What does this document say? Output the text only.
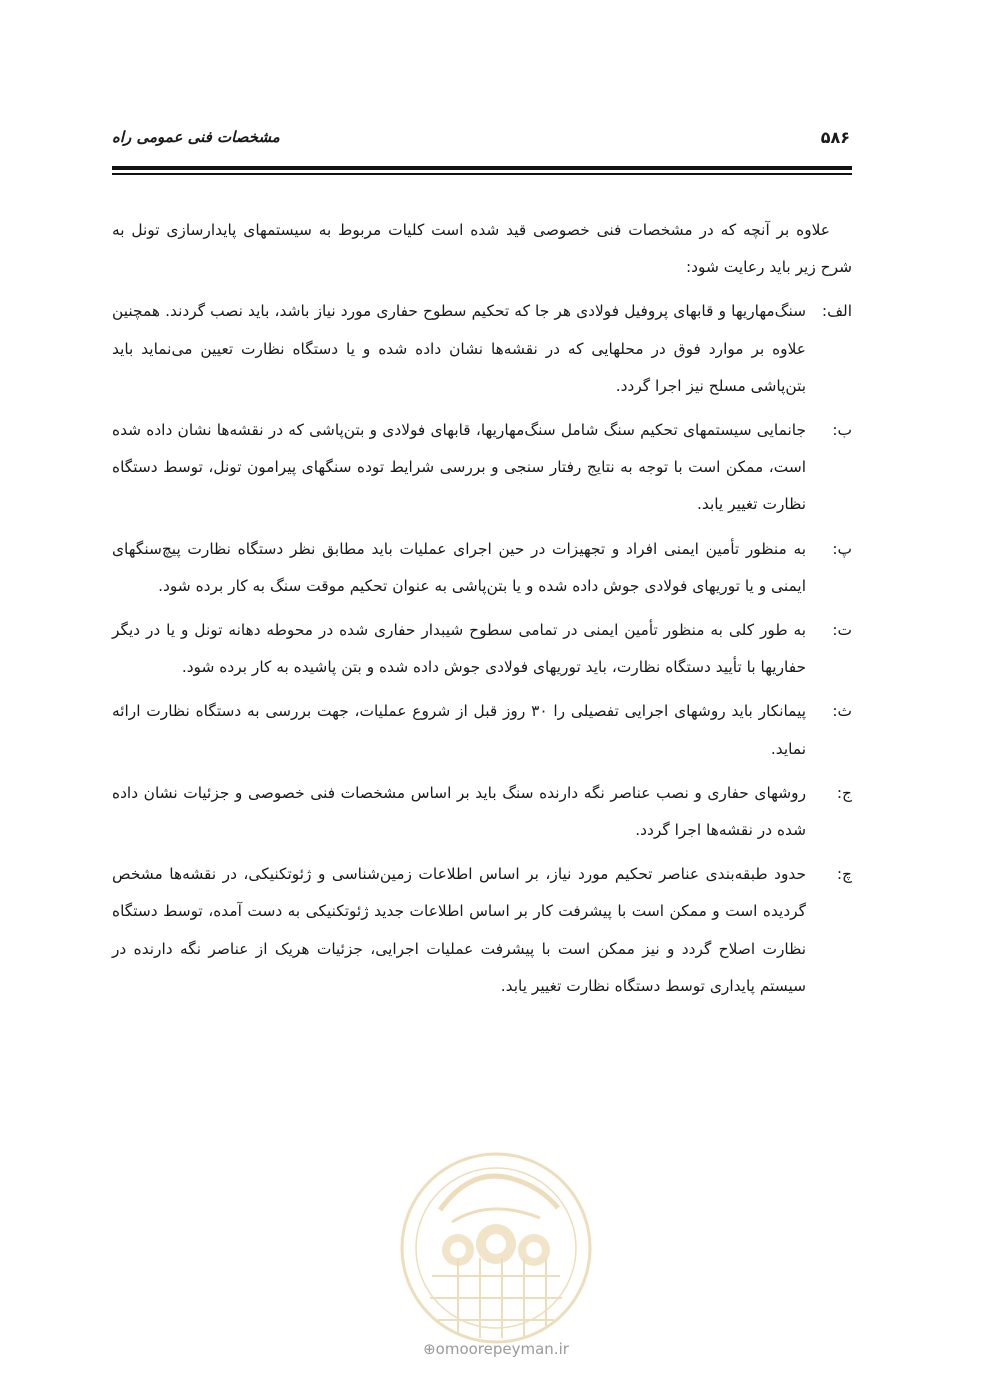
مشخصات فنی عمومی راه	۵۸۶

علاوه بر آنچه که در مشخصات فنی خصوصی قید شده است کلیات مربوط به سیستمهای پایدارسازی تونل به شرح زیر باید رعایت شود:

الف:
سنگ‌مهاریها و قابهای پروفیل فولادی هر جا که تحکیم سطوح حفاری مورد نیاز باشد، باید نصب گردند. همچنین علاوه بر موارد فوق در محلهایی که در نقشه‌ها نشان داده شده و یا دستگاه نظارت تعیین می‌نماید باید بتن‌پاشی مسلح نیز اجرا گردد.
ب:
جانمایی سیستمهای تحکیم سنگ شامل سنگ‌مهاریها، قابهای فولادی و بتن‌پاشی که در نقشه‌ها نشان داده شده است، ممکن است با توجه به نتایج رفتار سنجی و بررسی شرایط توده سنگهای پیرامون تونل، توسط دستگاه نظارت تغییر یابد.
پ:
به منظور تأمین ایمنی افراد و تجهیزات در حین اجرای عملیات باید مطابق نظر دستگاه نظارت پیچ‌سنگهای ایمنی و یا توریهای فولادی جوش داده شده و یا بتن‌پاشی به عنوان تحکیم موقت سنگ به کار برده شود.
ت:
به طور کلی به منظور تأمین ایمنی در تمامی سطوح شیبدار حفاری شده در محوطه دهانه تونل و یا در دیگر حفاریها با تأیید دستگاه نظارت، باید توریهای فولادی جوش داده شده و بتن پاشیده به کار برده شود.
ث:
پیمانکار باید روشهای اجرایی تفصیلی را ۳۰ روز قبل از شروع عملیات، جهت بررسی به دستگاه نظارت ارائه نماید.
ج:
روشهای حفاری و نصب عناصر نگه دارنده سنگ باید بر اساس مشخصات فنی خصوصی و جزئیات نشان داده شده در نقشه‌ها اجرا گردد.
چ:
حدود طبقه‌بندی عناصر تحکیم مورد نیاز، بر اساس اطلاعات زمین‌شناسی و ژئوتکنیکی، در نقشه‌ها مشخص گردیده است و ممکن است با پیشرفت کار بر اساس اطلاعات جدید ژئوتکنیکی به دست آمده، توسط دستگاه نظارت اصلاح گردد و نیز ممکن است با پیشرفت عملیات اجرایی، جزئیات هریک از عناصر نگه دارنده در سیستم پایداری توسط دستگاه نظارت تغییر یابد.
⊕omoorepeyman.ir
